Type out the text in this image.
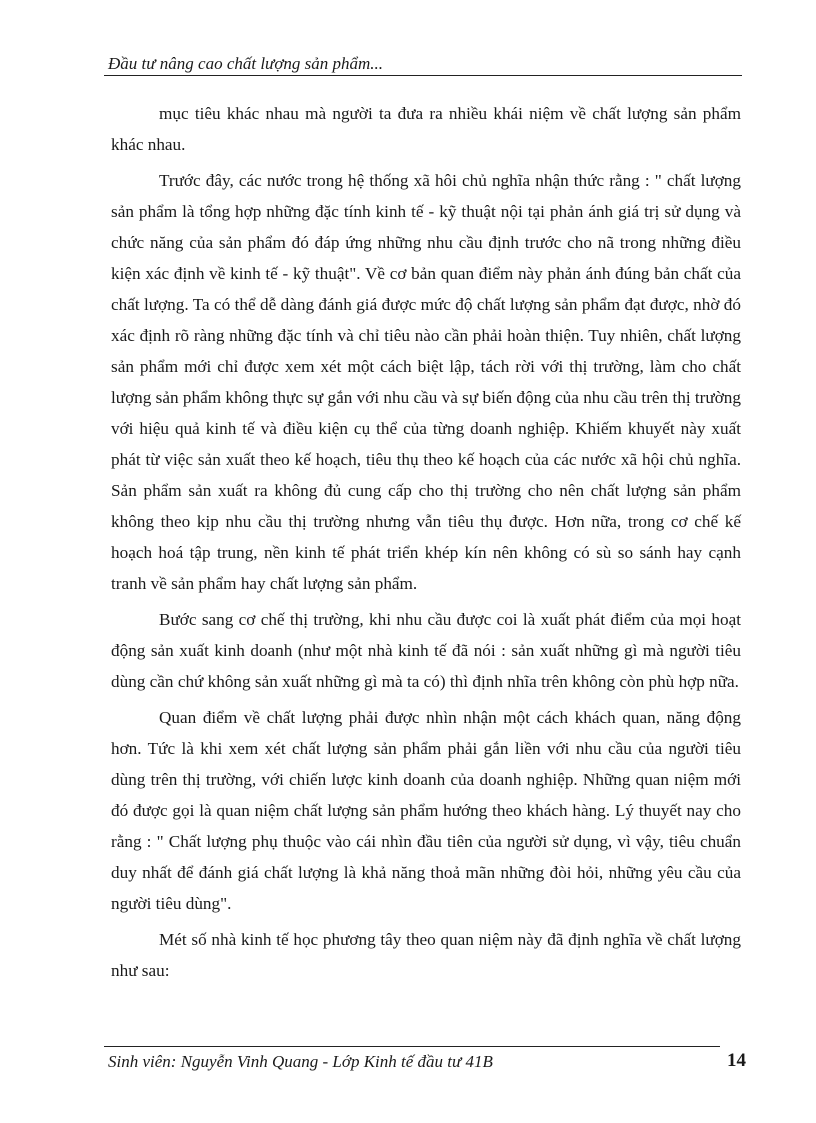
Đầu tư nâng cao chất lượng sản phẩm...

mục tiêu khác nhau mà người ta đưa ra nhiều khái niệm về chất lượng sản phẩm khác nhau.

Trước đây, các nước trong hệ thống xã hôi chủ nghĩa nhận thức rằng : " chất lượng sản phẩm là tổng hợp những đặc tính kinh tế - kỹ thuật nội tại phản ánh giá trị sử dụng và chức năng của sản phẩm đó đáp ứng những nhu cầu định trước cho nã trong những điều kiện xác định về kinh tế - kỹ thuật". Về cơ bản quan điểm này phản ánh đúng bản chất của chất lượng. Ta có thể dễ dàng đánh giá được mức độ chất lượng sản phẩm đạt được, nhờ đó xác định rõ ràng những đặc tính và chỉ tiêu nào cần phải hoàn thiện. Tuy nhiên, chất lượng sản phẩm mới chỉ được xem xét một cách biệt lập, tách rời với thị trường, làm cho chất lượng sản phẩm không thực sự gắn với nhu cầu và sự biến động của nhu cầu trên thị trường với hiệu quả kinh tế và điều kiện cụ thể của từng doanh nghiệp. Khiếm khuyết này xuất phát từ việc sản xuất theo kế hoạch, tiêu thụ theo kế hoạch của các nước xã hội chủ nghĩa. Sản phẩm sản xuất ra không đủ cung cấp cho thị trường cho nên chất lượng sản phẩm không theo kịp nhu cầu thị trường nhưng vẫn tiêu thụ được. Hơn nữa, trong cơ chế kế hoạch hoá tập trung, nền kinh tế phát triển khép kín nên không có sù so sánh hay cạnh tranh về sản phẩm hay chất lượng sản phẩm.

Bước sang cơ chế thị trường, khi nhu cầu được coi là xuất phát điểm của mọi hoạt động sản xuất kinh doanh (như một nhà kinh tế đã nói : sản xuất những gì mà người tiêu dùng cần chứ không sản xuất những gì mà ta có) thì định nhĩa trên không còn phù hợp nữa.

Quan điểm về chất lượng phải được nhìn nhận một cách khách quan, năng động hơn. Tức là khi xem xét chất lượng sản phẩm phải gắn liền với nhu cầu của người tiêu dùng trên thị trường, với chiến lược kinh doanh của doanh nghiệp. Những quan niệm mới đó được gọi là quan niệm chất lượng sản phẩm hướng theo khách hàng. Lý thuyết nay cho rằng : " Chất lượng phụ thuộc vào cái nhìn đầu tiên của người sử dụng, vì vậy, tiêu chuẩn duy nhất để đánh giá chất lượng là khả năng thoả mãn những đòi hỏi, những yêu cầu của người tiêu dùng".

Mét số nhà kinh tế học phương tây theo quan niệm này đã định nghĩa về chất lượng như sau:

Sinh viên: Nguyễn Vinh Quang - Lớp Kinh tế đầu tư 41B	14
